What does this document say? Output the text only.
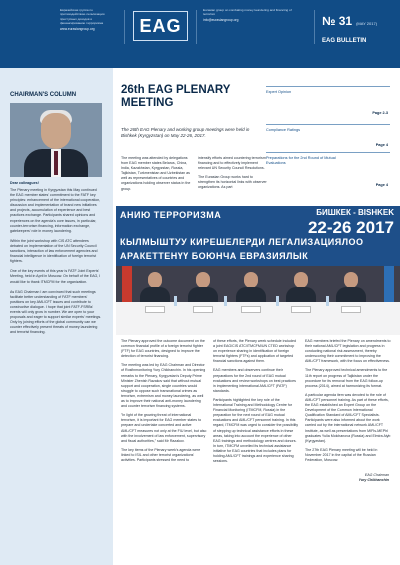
Евразийская группа по противодействию легализации преступных доходов и финансированию терроризма
www.eurasiangroup.org	EAG
Eurasian group on combating money laundering and financing of terrorism
info@eurasiangroup.org	№ 31 (MAY 2017)
EAG BULLETIN
CHAIRMAN'S COLUMN
Dear colleagues!

The Plenary meeting in Kyrgyzstan this May continued the EAG member states' commitment to the FATF key principles: enhancement of the international cooperation, discussion and implementation of brand new initiatives and projects, accumulation of experience and best practices exchange. Participants shared opinions and experiences on the agenda's core issues, in particular, counter-terrorism financing, information exchange, gatekeepers' role in money laundering.

Within the joint workshop with CIS ATC attendees debated on implementation of the UN Security Council sanctions, interaction of law enforcement agencies and financial intelligence in identification of foreign terrorist fighters.

One of the key events of this year is FATF Joint Experts' Meeting, held in April in Moscow. On behalf of the EAG, I would like to thank ITMCFM for the organization.

As EAG Chairman I am convinced that such meetings facilitate better understanding of FATF members' positions on key AML/CFT issues and contribute to constructive dialogue. I hope that joint FATF-FSRBs' events will only grow in number. We are open to your proposals and eager to support similar experts' meetings. Only by joining efforts of the global community can we counter effectively present threats of money laundering and terrorist financing.

EAG Chairman
Yury Chikhanchin
26th EAG PLENARY MEETING
The 26th EAG Plenary and working group meetings were held in Bishkek (Kyrgyzstan) on May 22-26, 2017.

The meeting was attended by delegations from EAG member states Belarus, China, India, Kazakhstan, Kyrgyzstan, Russia, Tajikistan, Turkmenistan and Uzbekistan as well as representatives of countries and organizations holding observer status in the group.

intensify efforts aimed countering terrorism financing and to effectively implement relevant UN Security Council Resolutions.

The Eurasian Group works hard to strengthen its horizontal links with observer organizations. As part

Expert Opinion
Page 2-3
Compliance Ratings
Page 4
Preparations for the 2nd Round of Mutual Evaluations
Page 4
АНИЮ ТЕРРОРИЗМА	БИШКЕК - BISHKEK
22-26 2017
КЫЛМЫШТУУ КИРЕШЕЛЕРДИ ЛЕГАЛИЗАЦИЯЛОО
АРАКЕТТЕНҮҮ БОЮНЧА ЕВРАЗИЯЛЫК

The Plenary approved the outcome document on the common financial profile of a foreign terrorist fighter (FTF) for EAG countries, designed to improve the detection of terrorist financing.

The meeting was led by EAG Chairman and Director of Rosfinmonitoring Yury Chikhanchin. In his opening remarks to the Plenary, Kyrgyzstan's Deputy Prime Minister Zhenish Razakov said that without mutual support and cooperation, single countries would struggle to oppose such transnational crimes as terrorism, extremism and money laundering, as well as to improve their national anti-money laundering and counter terrorism financing systems.

"In light of the growing threat of international terrorism, it is important for EAG member states to prepare and undertake concerted and active AML/CFT measures not only at the FIU level, but also with the involvement of law enforcement, supervisory and fiscal authorities," said Mr Razakov.

The key items of the Plenary week's agenda were linked to ISIL and other terrorist organizations' activities. Participants stressed the need to

of these efforts, the Plenary week schedule included a joint EAG/CIS ATC/ITMCFM/UN CTED workshop on experience sharing in identification of foreign terrorist fighters (FTFs) and application of targeted financial sanctions against them.

EAG members and observers continue their preparations for the 2nd round of EAG mutual evaluations and review workshops on best practices in implementing international AML/CFT (FATF) standards.

Participants highlighted the key role of the International Training and Methodology Centre for Financial Monitoring (ITMCFM, Russia) in the preparation for the next round of EAG mutual evaluations and AML/CFT personnel training. In this regard, ITMCFM was urged to consider the possibility of stepping up technical assistance efforts in these areas, taking into account the experience of other EAG trainings and methodology centres and donors. In turn, ITMCFM unveiled its technical assistance initiative for EAG countries that includes plans for holding AML/CFT trainings and experience sharing sessions.

EAG members briefed the Plenary on amendments to their national AML/CFT legislation and progress in conducting national risk assessment, thereby underscoring their commitment to improving the AML/CFT framework, with the focus on effectiveness.

The Plenary approved technical amendments to the 11th report on progress of Tajikistan under the procedure for its removal from the EAG follow-up process (2014), aimed at harmonizing its format.

A particular agenda item was devoted to the role of AML/CFT personnel training. As part of these efforts, the EAG established an Expert Group on the Development of the Common International Qualification Standard of AML/CFT Specialists. Participants were also informed about the work carried out by the international network AML/CFT Institute, as well as presentations from MIFIs-MEPhI graduates Yulia Molchanova (Russia) and Elmira Aiyb (Kyrgyzstan).

The 27th EAG Plenary meeting will be held in November 2017 in the capital of the Russian Federation, Moscow.
